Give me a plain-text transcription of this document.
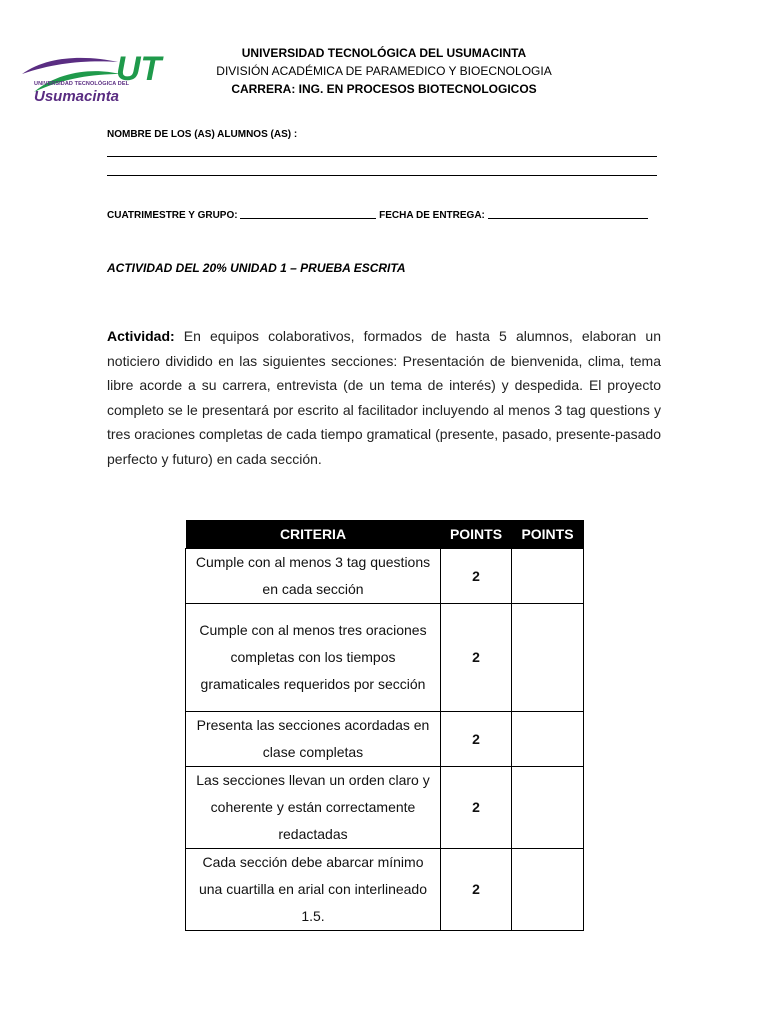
UT
UNIVERSIDAD TECNOLÓGICA DEL
Usumacinta
UNIVERSIDAD TECNOLÓGICA DEL USUMACINTA
DIVISIÓN ACADÉMICA DE PARAMEDICO Y BIOECNOLOGIA
CARRERA: ING. EN PROCESOS BIOTECNOLOGICOS
NOMBRE DE LOS (AS) ALUMNOS (AS) :
CUATRIMESTRE Y GRUPO:	FECHA DE ENTREGA:
ACTIVIDAD DEL 20% UNIDAD 1 – PRUEBA ESCRITA
Actividad: En equipos colaborativos, formados de hasta 5 alumnos, elaboran un noticiero dividido en las siguientes secciones: Presentación de bienvenida, clima, tema libre acorde a su carrera, entrevista (de un tema de interés) y despedida. El proyecto completo se le presentará por escrito al facilitador incluyendo al menos 3 tag questions y tres oraciones completas de cada tiempo gramatical (presente, pasado, presente-pasado perfecto y futuro) en cada sección.
CRITERIA	POINTS	POINTS
Cumple con al menos 3 tag questions en cada sección	2	
Cumple con al menos tres oraciones completas con los tiempos gramaticales requeridos por sección	2	
Presenta las secciones acordadas en clase completas	2	
Las secciones llevan un orden claro y coherente y están correctamente redactadas	2	
Cada sección debe abarcar mínimo una cuartilla en arial con interlineado 1.5.	2	
